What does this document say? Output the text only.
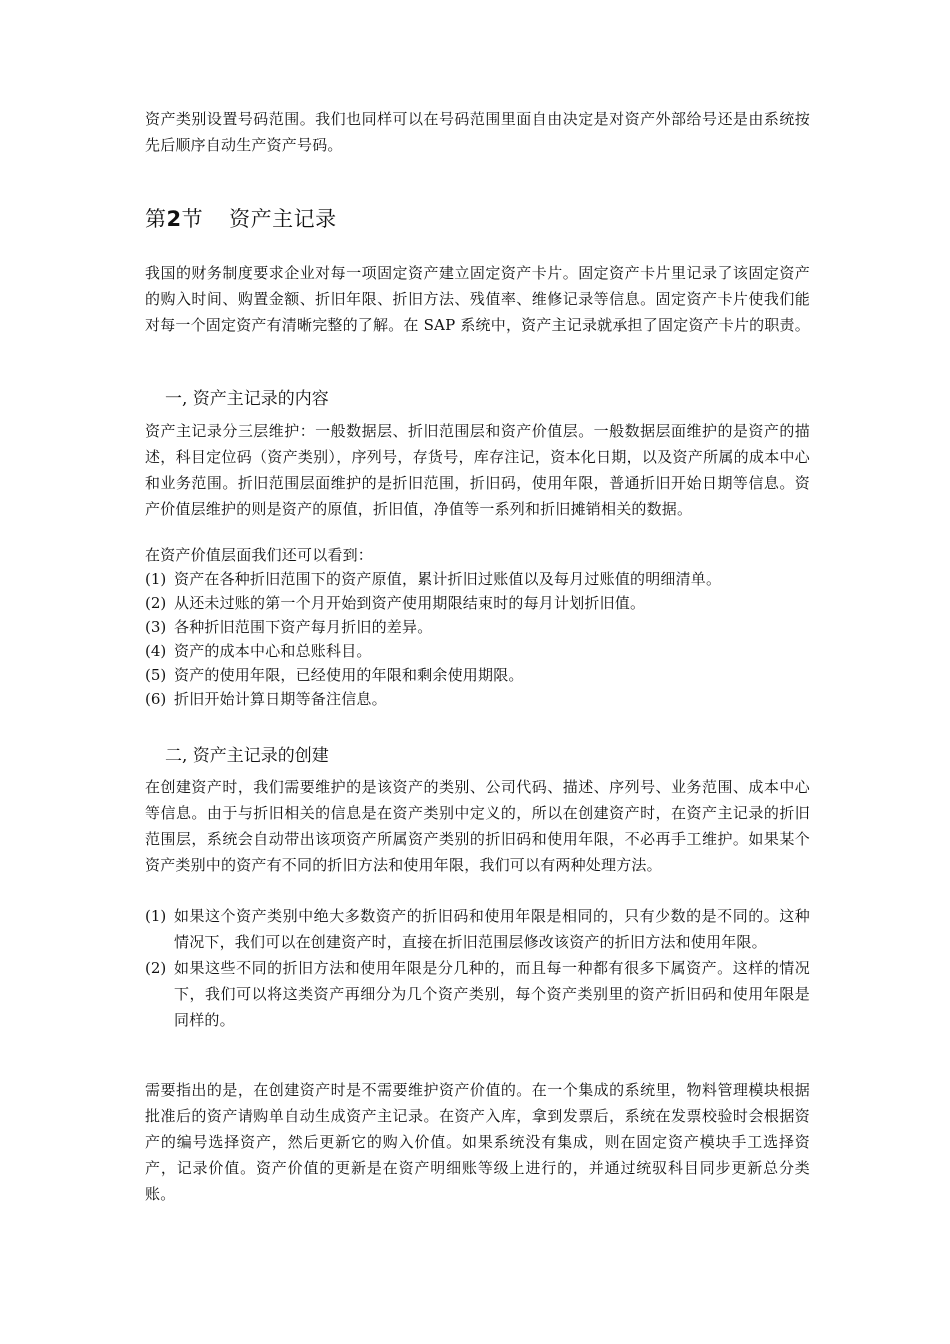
资产类别设置号码范围。我们也同样可以在号码范围里面自由决定是对资产外部给号还是由系统按先后顺序自动生产资产号码。

第2节 资产主记录

我国的财务制度要求企业对每一项固定资产建立固定资产卡片。固定资产卡片里记录了该固定资产的购入时间、购置金额、折旧年限、折旧方法、残值率、维修记录等信息。固定资产卡片使我们能对每一个固定资产有清晰完整的了解。在 SAP 系统中，资产主记录就承担了固定资产卡片的职责。

一, 资产主记录的内容

资产主记录分三层维护：一般数据层、折旧范围层和资产价值层。一般数据层面维护的是资产的描述，科目定位码（资产类别），序列号，存货号，库存注记，资本化日期，以及资产所属的成本中心和业务范围。折旧范围层面维护的是折旧范围，折旧码，使用年限，普通折旧开始日期等信息。资产价值层维护的则是资产的原值，折旧值，净值等一系列和折旧摊销相关的数据。

在资产价值层面我们还可以看到：

(1) 资产在各种折旧范围下的资产原值，累计折旧过账值以及每月过账值的明细清单。
(2) 从还未过账的第一个月开始到资产使用期限结束时的每月计划折旧值。
(3) 各种折旧范围下资产每月折旧的差异。
(4) 资产的成本中心和总账科目。
(5) 资产的使用年限，已经使用的年限和剩余使用期限。
(6) 折旧开始计算日期等备注信息。
二, 资产主记录的创建

在创建资产时，我们需要维护的是该资产的类别、公司代码、描述、序列号、业务范围、成本中心等信息。由于与折旧相关的信息是在资产类别中定义的，所以在创建资产时，在资产主记录的折旧范围层，系统会自动带出该项资产所属资产类别的折旧码和使用年限，不必再手工维护。如果某个资产类别中的资产有不同的折旧方法和使用年限，我们可以有两种处理方法。

(1) 如果这个资产类别中绝大多数资产的折旧码和使用年限是相同的，只有少数的是不同的。这种情况下，我们可以在创建资产时，直接在折旧范围层修改该资产的折旧方法和使用年限。
(2) 如果这些不同的折旧方法和使用年限是分几种的，而且每一种都有很多下属资产。这样的情况下，我们可以将这类资产再细分为几个资产类别，每个资产类别里的资产折旧码和使用年限是同样的。

需要指出的是，在创建资产时是不需要维护资产价值的。在一个集成的系统里，物料管理模块根据批准后的资产请购单自动生成资产主记录。在资产入库，拿到发票后，系统在发票校验时会根据资产的编号选择资产，然后更新它的购入价值。如果系统没有集成，则在固定资产模块手工选择资产，记录价值。资产价值的更新是在资产明细账等级上进行的，并通过统驭科目同步更新总分类账。
